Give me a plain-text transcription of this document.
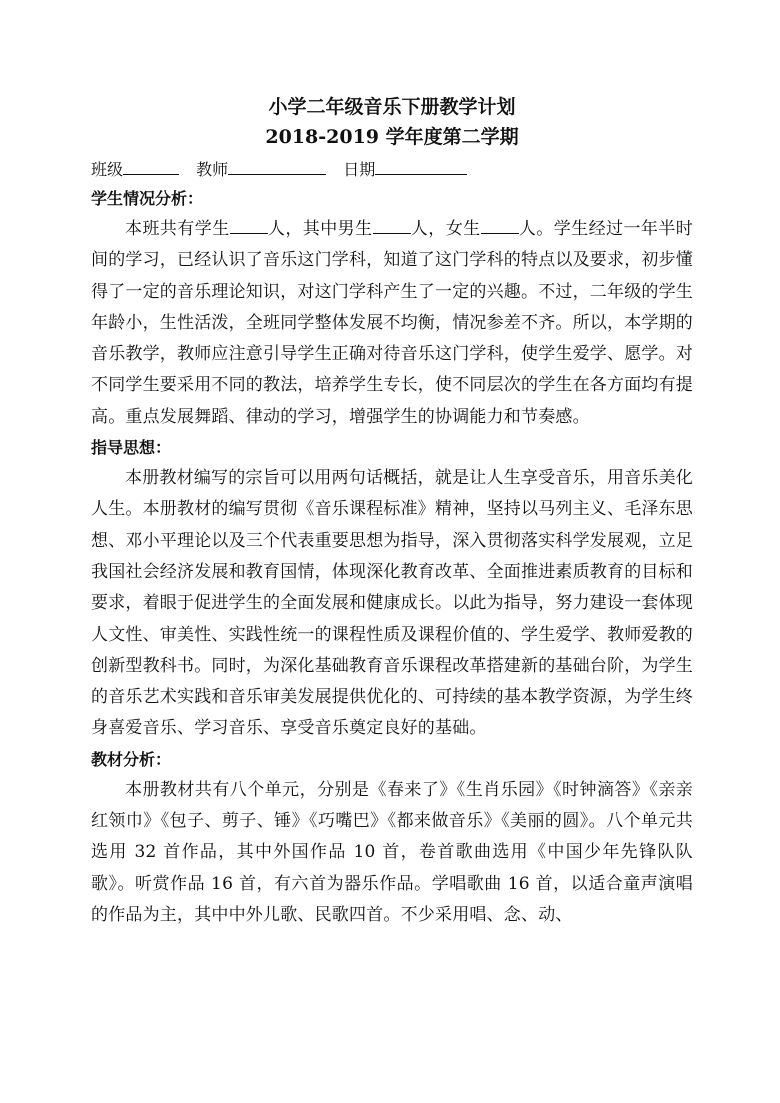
小学二年级音乐下册教学计划

2018-2019 学年度第二学期

班级	教师	日期

学生情况分析：

本班共有学生 人，其中男生 人，女生 人。学生经过一年半时间的学习，已经认识了音乐这门学科，知道了这门学科的特点以及要求，初步懂得了一定的音乐理论知识，对这门学科产生了一定的兴趣。不过，二年级的学生年龄小，生性活泼，全班同学整体发展不均衡，情况参差不齐。所以，本学期的音乐教学，教师应注意引导学生正确对待音乐这门学科，使学生爱学、愿学。对不同学生要采用不同的教法，培养学生专长，使不同层次的学生在各方面均有提高。重点发展舞蹈、律动的学习，增强学生的协调能力和节奏感。

指导思想：

本册教材编写的宗旨可以用两句话概括，就是让人生享受音乐，用音乐美化人生。本册教材的编写贯彻《音乐课程标准》精神，坚持以马列主义、毛泽东思想、邓小平理论以及三个代表重要思想为指导，深入贯彻落实科学发展观，立足我国社会经济发展和教育国情，体现深化教育改革、全面推进素质教育的目标和要求，着眼于促进学生的全面发展和健康成长。以此为指导，努力建设一套体现人文性、审美性、实践性统一的课程性质及课程价值的、学生爱学、教师爱教的创新型教科书。同时，为深化基础教育音乐课程改革搭建新的基础台阶，为学生的音乐艺术实践和音乐审美发展提供优化的、可持续的基本教学资源，为学生终身喜爱音乐、学习音乐、享受音乐奠定良好的基础。

教材分析：

本册教材共有八个单元，分别是《春来了》《生肖乐园》《时钟滴答》《亲亲红领巾》《包子、剪子、锤》《巧嘴巴》《都来做音乐》《美丽的圆》。八个单元共选用 32 首作品，其中外国作品 10 首，卷首歌曲选用《中国少年先锋队队歌》。听赏作品 16 首，有六首为器乐作品。学唱歌曲 16 首，以适合童声演唱的作品为主，其中中外儿歌、民歌四首。不少采用唱、念、动、
